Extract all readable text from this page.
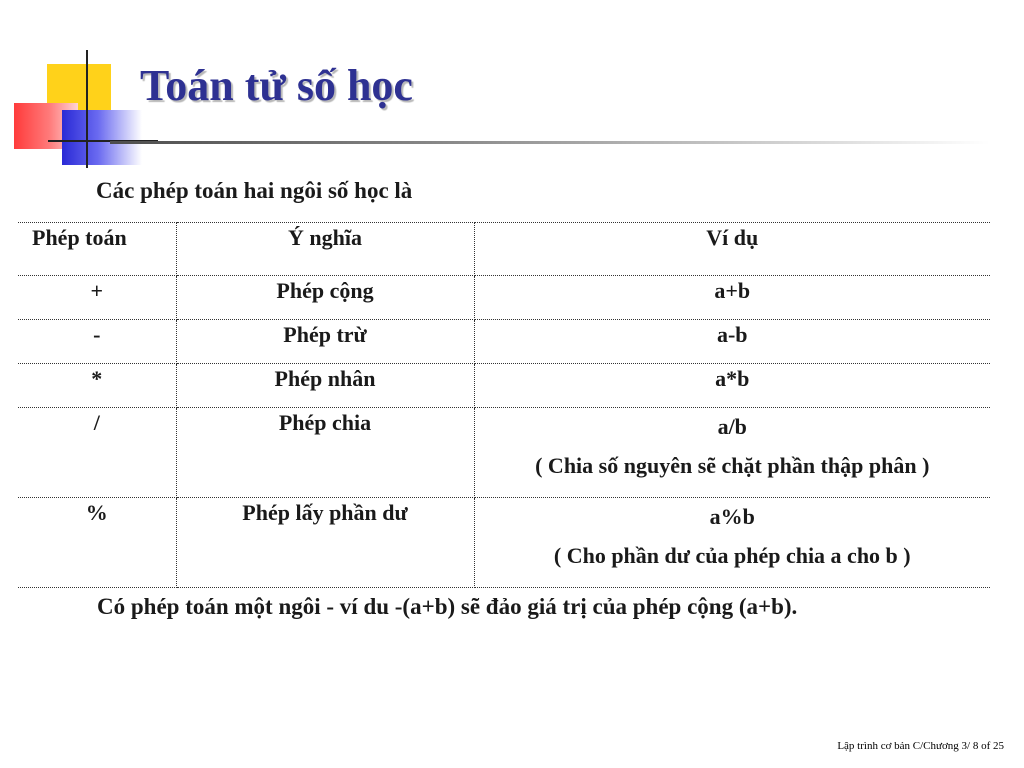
Toán tử số học
Các phép toán hai ngôi số học là
Phép toán	Ý nghĩa	Ví dụ
+	Phép cộng	a+b
-	Phép trừ	a-b
*	Phép nhân	a*b
/	Phép chia	a/b
( Chia số nguyên sẽ chặt phần thập phân )

%	Phép lấy phần dư	a%b
( Cho phần dư của phép chia a cho b )
Có phép toán một ngôi - ví du -(a+b) sẽ đảo giá trị của phép cộng (a+b).
Lập trình cơ bản C/Chương 3/ 8 of 25
